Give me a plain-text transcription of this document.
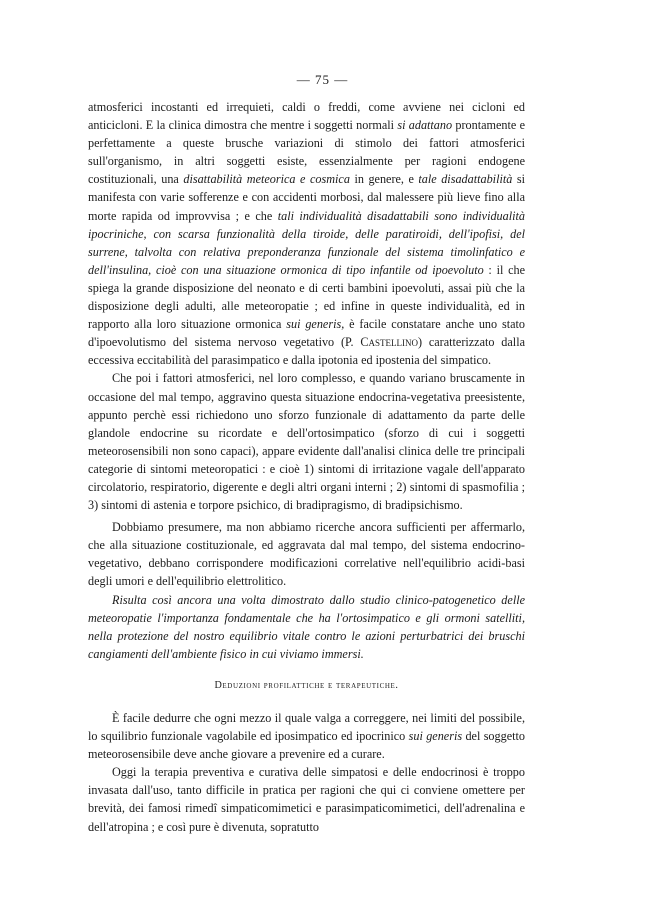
— 75 —

atmosferici incostanti ed irrequieti, caldi o freddi, come avviene nei cicloni ed anticicloni. E la clinica dimostra che mentre i soggetti normali si adattano prontamente e perfettamente a queste brusche variazioni di stimolo dei fattori atmosferici sull'organismo, in altri soggetti esiste, essenzialmente per ragioni endogene costituzionali, una disattabilità meteorica e cosmica in genere, e tale disadattabilità si manifesta con varie sofferenze e con accidenti morbosi, dal malessere più lieve fino alla morte rapida od improvvisa ; e che tali individualità disadattabili sono individualità ipocriniche, con scarsa funzionalità della tiroide, delle paratiroidi, dell'ipofisi, del surrene, talvolta con relativa preponderanza funzionale del sistema timolinfatico e dell'insulina, cioè con una situazione ormonica di tipo infantile od ipoevoluto : il che spiega la grande disposizione del neonato e di certi bambini ipoevoluti, assai più che la disposizione degli adulti, alle meteoropatie ; ed infine in queste individualità, ed in rapporto alla loro situazione ormonica sui generis, è facile constatare anche uno stato d'ipoevolutismo del sistema nervoso vegetativo (P. Castellino) caratterizzato dalla eccessiva eccitabilità del parasimpatico e dalla ipotonia ed ipostenia del simpatico.

Che poi i fattori atmosferici, nel loro complesso, e quando variano bruscamente in occasione del mal tempo, aggravino questa situazione endocrina-vegetativa preesistente, appunto perchè essi richiedono uno sforzo funzionale di adattamento da parte delle glandole endocrine su ricordate e dell'ortosimpatico (sforzo di cui i soggetti meteorosensibili non sono capaci), appare evidente dall'analisi clinica delle tre principali categorie di sintomi meteoropatici : e cioè 1) sintomi di irritazione vagale dell'apparato circolatorio, respiratorio, digerente e degli altri organi interni ; 2) sintomi di spasmofilia ; 3) sintomi di astenia e torpore psichico, di bradipragismo, di bradipsichismo.

Dobbiamo presumere, ma non abbiamo ricerche ancora sufficienti per affermarlo, che alla situazione costituzionale, ed aggravata dal mal tempo, del sistema endocrino-vegetativo, debbano corrispondere modificazioni correlative nell'equilibrio acidi-basi degli umori e dell'equilibrio elettrolitico.

Risulta così ancora una volta dimostrato dallo studio clinico-patogenetico delle meteoropatie l'importanza fondamentale che ha l'ortosimpatico e gli ormoni satelliti, nella protezione del nostro equilibrio vitale contro le azioni perturbatrici dei bruschi cangiamenti dell'ambiente fisico in cui viviamo immersi.

Deduzioni profilattiche e terapeutiche.

È facile dedurre che ogni mezzo il quale valga a correggere, nei limiti del possibile, lo squilibrio funzionale vagolabile ed iposimpatico ed ipocrinico sui generis del soggetto meteorosensibile deve anche giovare a prevenire ed a curare.

Oggi la terapia preventiva e curativa delle simpatosi e delle endocrinosi è troppo invasata dall'uso, tanto difficile in pratica per ragioni che qui ci conviene omettere per brevità, dei famosi rimedî simpaticomimetici e parasimpaticomimetici, dell'adrenalina e dell'atropina ; e così pure è divenuta, sopratutto
